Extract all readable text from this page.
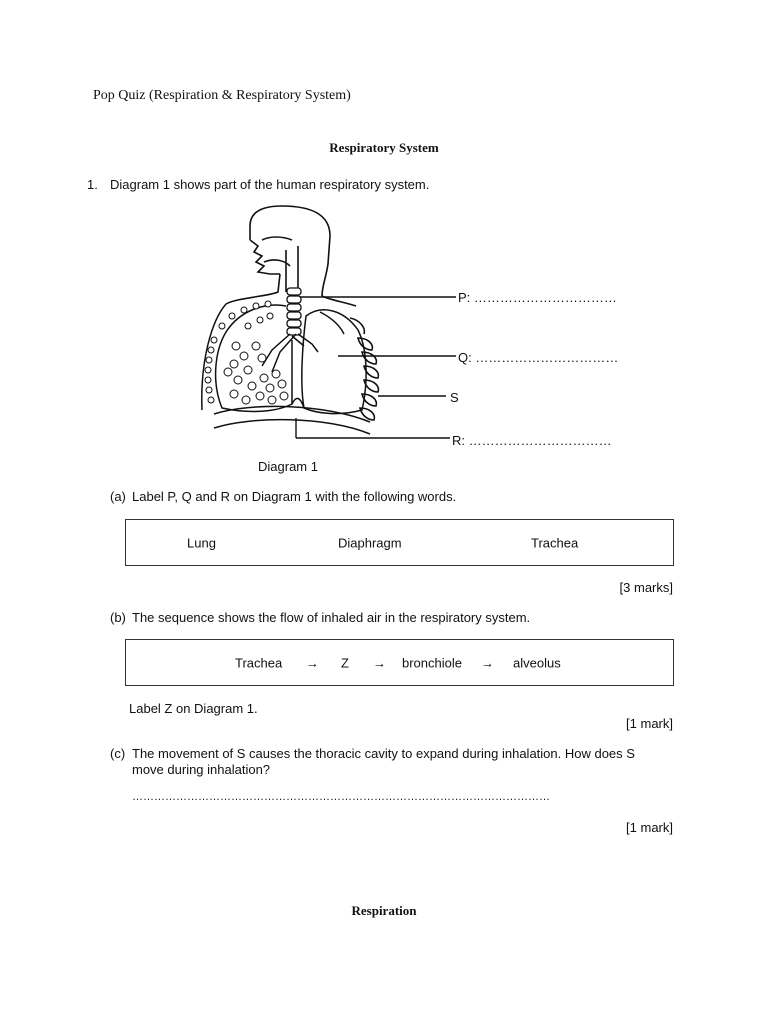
Pop Quiz (Respiration & Respiratory System)
Respiratory System
1. Diagram 1 shows part of the human respiratory system.
P: ……………………………
Q: ……………………………
S
R: ……………………………
Diagram 1
(a) Label P, Q and R on Diagram 1 with the following words.
Lung	Diaphragm	Trachea
[3 marks]
(b) The sequence shows the flow of inhaled air in the respiratory system.
Trachea → Z → bronchiole → alveolus
Label Z on Diagram 1.
[1 mark]
(c) The movement of S causes the thoracic cavity to expand during inhalation. How does S
move during inhalation?
……………………………………………………………………………………………………
[1 mark]
Respiration
